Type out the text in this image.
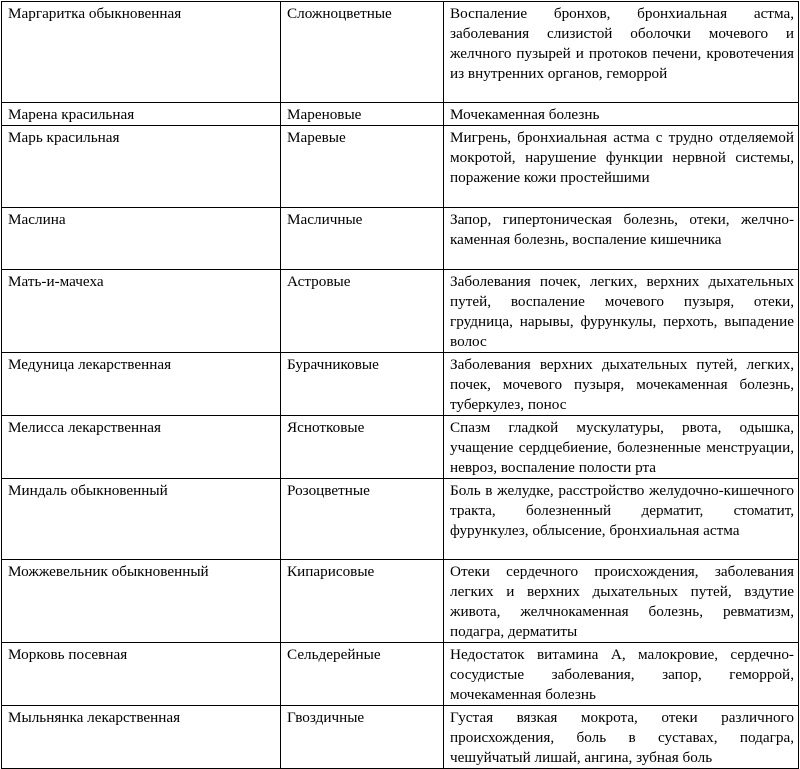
Маргаритка обыкновенная	Сложноцветные	Воспаление бронхов, бронхиальная астма, заболевания слизистой оболочки мочевого и желчного пузырей и протоков печени, кровотечения из внутренних органов, геморрой
Марена красильная	Мареновые	Мочекаменная болезнь
Марь красильная	Маревые	Мигрень, бронхиальная астма с трудно отделяемой мокротой, нарушение функции нервной системы, поражение кожи простейшими
Маслина	Масличные	Запор, гипертоническая болезнь, отеки, желчно-каменная болезнь, воспаление кишечника
Мать-и-мачеха	Астровые	Заболевания почек, легких, верхних дыхательных путей, воспаление мочевого пузыря, отеки, грудница, нарывы, фурункулы, перхоть, выпадение волос
Медуница лекарственная	Бурачниковые	Заболевания верхних дыхательных путей, легких, почек, мочевого пузыря, мочекаменная болезнь, туберкулез, понос
Мелисса лекарственная	Яснотковые	Спазм гладкой мускулатуры, рвота, одышка, учащение сердцебиение, болезненные менструации, невроз, воспаление полости рта
Миндаль обыкновенный	Розоцветные	Боль в желудке, расстройство желудочно-кишечного тракта, болезненный дерматит, стоматит, фурункулез, облысение, бронхиальная астма
Можжевельник обыкновенный	Кипарисовые	Отеки сердечного происхождения, заболевания легких и верхних дыхательных путей, вздутие живота, желчнокаменная болезнь, ревматизм, подагра, дерматиты
Морковь посевная	Сельдерейные	Недостаток витамина А, малокровие, сердечно-сосудистые заболевания, запор, геморрой, мочекаменная болезнь
Мыльнянка лекарственная	Гвоздичные	Густая вязкая мокрота, отеки различного происхождения, боль в суставах, подагра, чешуйчатый лишай, ангина, зубная боль
